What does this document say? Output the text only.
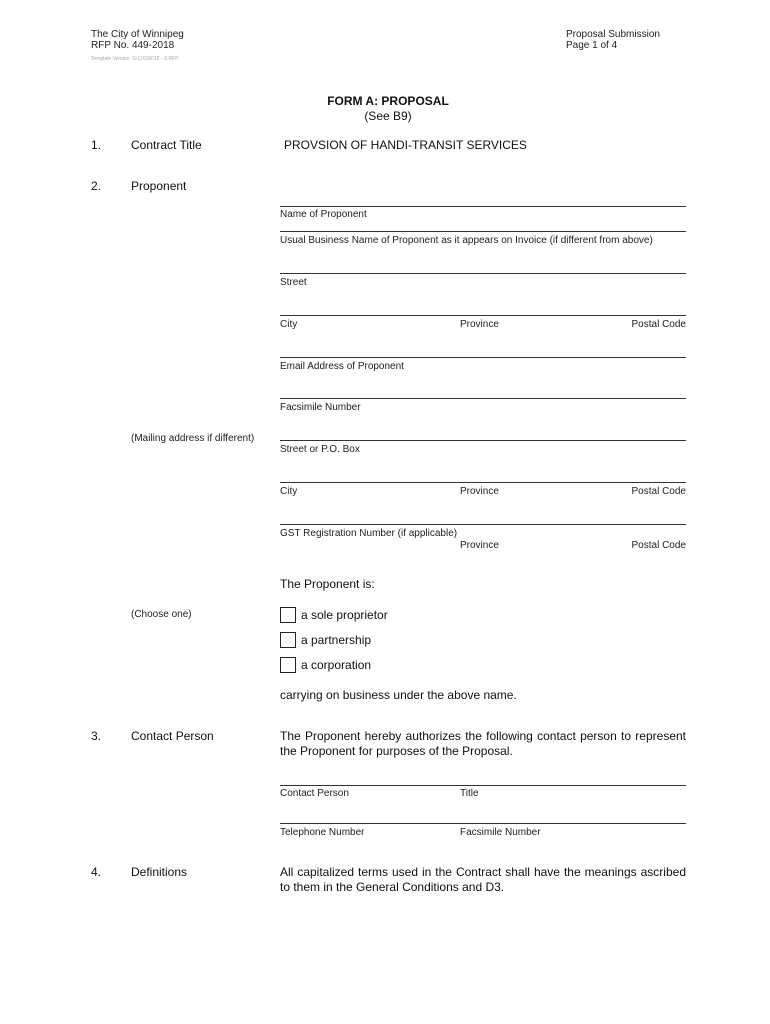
The City of Winnipeg
RFP No. 449-2018
Template Version: Sr12018012 - S RFP
Proposal Submission
Page 1 of 4
FORM A: PROPOSAL
(See B9)
1. Contract Title	PROVSION OF HANDI-TRANSIT SERVICES
2. Proponent
Name of Proponent
Usual Business Name of Proponent as it appears on Invoice (if different from above)
Street
City	Province	Postal Code
Email Address of Proponent
Facsimile Number
(Mailing address if different)
Street or P.O. Box
City	Province	Postal Code
GST Registration Number (if applicable)
Province	Postal Code
The Proponent is:
(Choose one)	a sole proprietor
a partnership
a corporation
carrying on business under the above name.
3. Contact Person	The Proponent hereby authorizes the following contact person to represent the Proponent for purposes of the Proposal.
Contact Person	Title
Telephone Number	Facsimile Number
4. Definitions	All capitalized terms used in the Contract shall have the meanings ascribed to them in the General Conditions and D3.
